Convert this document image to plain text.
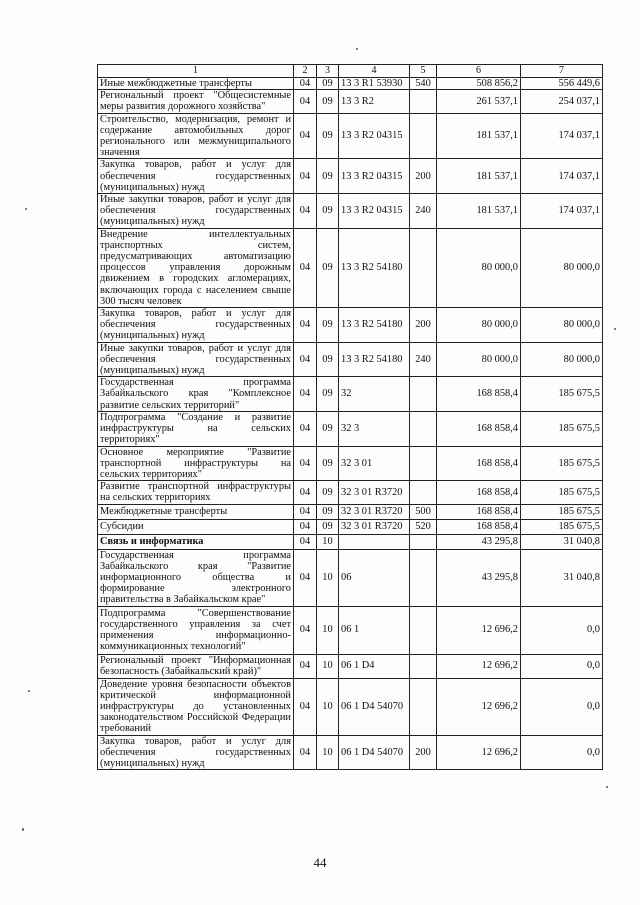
1	2	3	4	5	6	7
Иные межбюджетные трансферты	04	09	13 3 R1 53930	540	508 856,2	556 449,6
Региональный проект "Общесистемные меры развития дорожного хозяйства"	04	09	13 3 R2		261 537,1	254 037,1
Строительство, модернизация, ремонт и содержание автомобильных дорог регионального или межмуниципального значения	04	09	13 3 R2 04315		181 537,1	174 037,1
Закупка товаров, работ и услуг для обеспечения государственных (муниципальных) нужд	04	09	13 3 R2 04315	200	181 537,1	174 037,1
Иные закупки товаров, работ и услуг для обеспечения государственных (муниципальных) нужд	04	09	13 3 R2 04315	240	181 537,1	174 037,1
Внедрение интеллектуальных транспортных систем, предусматривающих автоматизацию процессов управления дорожным движением в городских агломерациях, включающих города с населением свыше 300 тысяч человек	04	09	13 3 R2 54180		80 000,0	80 000,0
Закупка товаров, работ и услуг для обеспечения государственных (муниципальных) нужд	04	09	13 3 R2 54180	200	80 000,0	80 000,0
Иные закупки товаров, работ и услуг для обеспечения государственных (муниципальных) нужд	04	09	13 3 R2 54180	240	80 000,0	80 000,0
Государственная программа Забайкальского края "Комплексное развитие сельских территорий"	04	09	32		168 858,4	185 675,5
Подпрограмма "Создание и развитие инфраструктуры на сельских территориях"	04	09	32 3		168 858,4	185 675,5
Основное мероприятие "Развитие транспортной инфраструктуры на сельских территориях"	04	09	32 3 01		168 858,4	185 675,5
Развитие транспортной инфраструктуры на сельских территориях	04	09	32 3 01 R3720		168 858,4	185 675,5
Межбюджетные трансферты	04	09	32 3 01 R3720	500	168 858,4	185 675,5
Субсидии	04	09	32 3 01 R3720	520	168 858,4	185 675,5
Связь и информатика	04	10			43 295,8	31 040,8
Государственная программа Забайкальского края "Развитие информационного общества и формирование электронного правительства в Забайкальском крае"	04	10	06		43 295,8	31 040,8
Подпрограмма "Совершенствование государственного управления за счет применения информационно-коммуникационных технологий"	04	10	06 1		12 696,2	0,0
Региональный проект "Информационная безопасность (Забайкальский край)"	04	10	06 1 D4		12 696,2	0,0
Доведение уровня безопасности объектов критической информационной инфраструктуры до установленных законодательством Российской Федерации требований	04	10	06 1 D4 54070		12 696,2	0,0
Закупка товаров, работ и услуг для обеспечения государственных (муниципальных) нужд	04	10	06 1 D4 54070	200	12 696,2	0,0
44
